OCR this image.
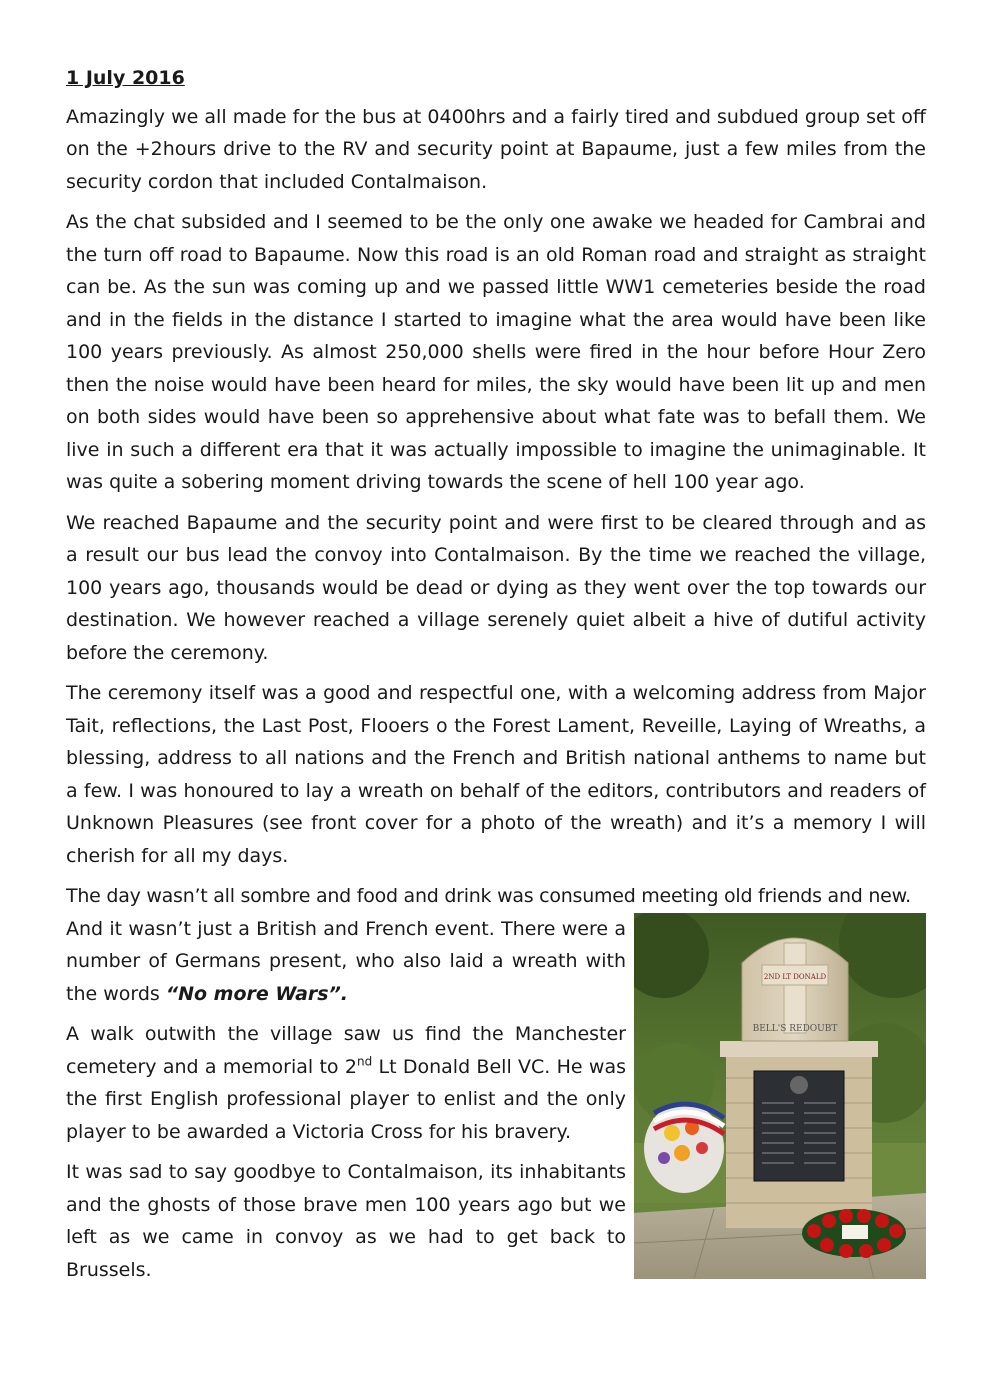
1 July 2016

Amazingly we all made for the bus at 0400hrs and a fairly tired and subdued group set off on the +2hours drive to the RV and security point at Bapaume, just a few miles from the security cordon that included Contalmaison.

As the chat subsided and I seemed to be the only one awake we headed for Cambrai and the turn off road to Bapaume. Now this road is an old Roman road and straight as straight can be. As the sun was coming up and we passed little WW1 cemeteries beside the road and in the fields in the distance I started to imagine what the area would have been like 100 years previously. As almost 250,000 shells were fired in the hour before Hour Zero then the noise would have been heard for miles, the sky would have been lit up and men on both sides would have been so apprehensive about what fate was to befall them. We live in such a different era that it was actually impossible to imagine the unimaginable. It was quite a sobering moment driving towards the scene of hell 100 year ago.

We reached Bapaume and the security point and were first to be cleared through and as a result our bus lead the convoy into Contalmaison. By the time we reached the village, 100 years ago, thousands would be dead or dying as they went over the top towards our destination. We however reached a village serenely quiet albeit a hive of dutiful activity before the ceremony.

The ceremony itself was a good and respectful one, with a welcoming address from Major Tait, reflections, the Last Post, Flooers o the Forest Lament, Reveille, Laying of Wreaths, a blessing, address to all nations and the French and British national anthems to name but a few. I was honoured to lay a wreath on behalf of the editors, contributors and readers of Unknown Pleasures (see front cover for a photo of the wreath) and it’s a memory I will cherish for all my days.

The day wasn’t all sombre and food and drink was consumed meeting old friends and new.
2ND LT DONALD
BELL'S REDOUBT

And it wasn’t just a British and French event. There were a number of Germans present, who also laid a wreath with the words “No more Wars”.

A walk outwith the village saw us find the Manchester cemetery and a memorial to 2nd Lt Donald Bell VC. He was the first English professional player to enlist and the only player to be awarded a Victoria Cross for his bravery.

It was sad to say goodbye to Contalmaison, its inhabitants and the ghosts of those brave men 100 years ago but we left as we came in convoy as we had to get back to Brussels.
